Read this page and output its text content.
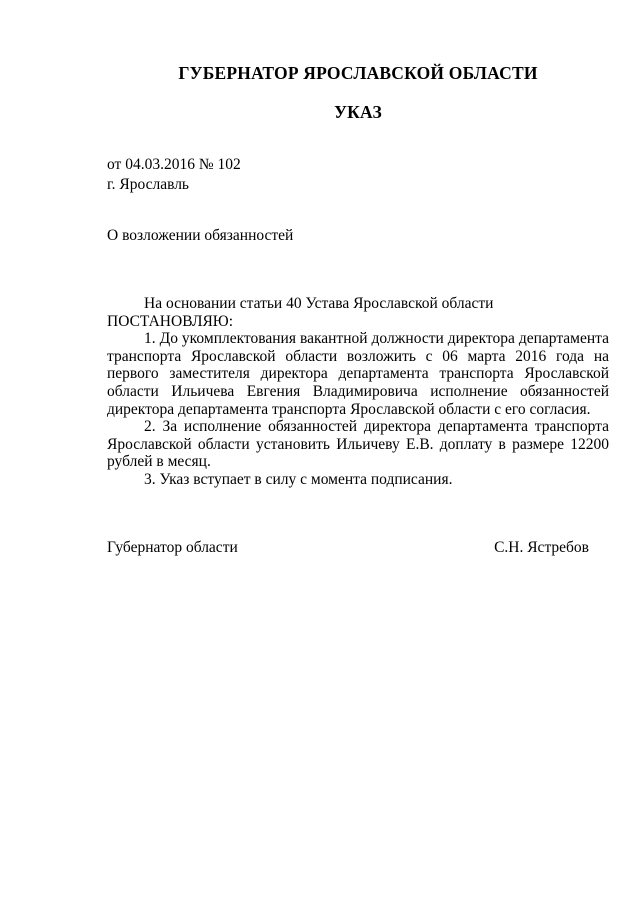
ГУБЕРНАТОР ЯРОСЛАВСКОЙ ОБЛАСТИ
УКАЗ
от 04.03.2016 № 102
г. Ярославль
О возложении обязанностей

На основании статьи 40 Устава Ярославской области

ПОСТАНОВЛЯЮ:

1. До укомплектования вакантной должности директора департамента транспорта Ярославской области возложить с 06 марта 2016 года на первого заместителя директора департамента транспорта Ярославской области Ильичева Евгения Владимировича исполнение обязанностей директора департамента транспорта Ярославской области с его согласия.

2. За исполнение обязанностей директора департамента транспорта Ярославской области установить Ильичеву Е.В. доплату в размере 12200 рублей в месяц.

3. Указ вступает в силу с момента подписания.

Губернатор области	С.Н. Ястребов
